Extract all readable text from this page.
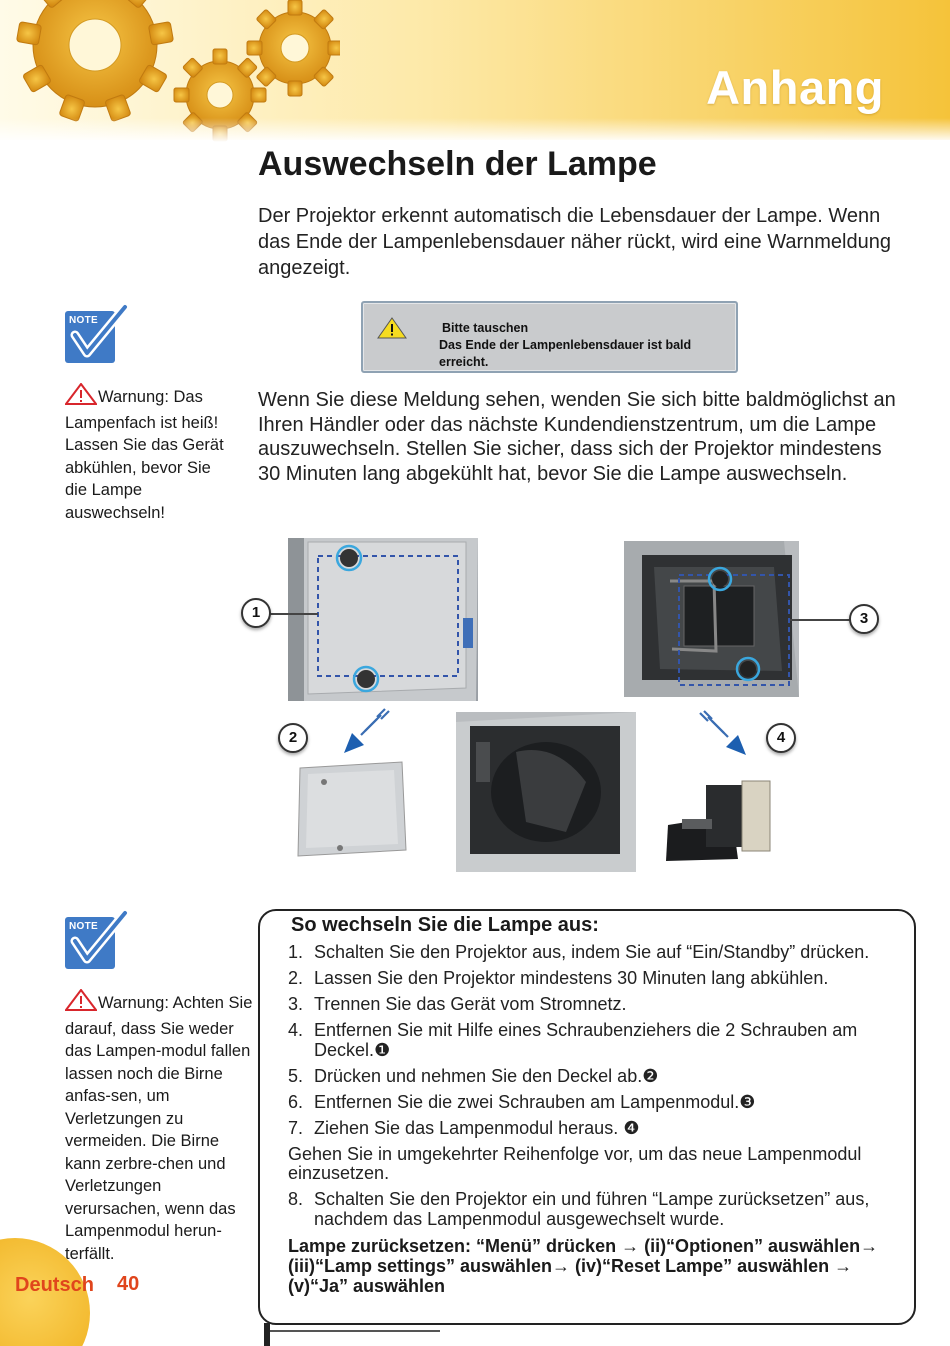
Anhang
Auswechseln der Lampe
Der Projektor erkennt automatisch die Lebensdauer der Lampe. Wenn das Ende der Lampenlebensdauer näher rückt, wird eine Warnmeldung angezeigt.
NOTE
Warnung: Das Lampenfach ist heiß! Lassen Sie das Gerät abkühlen, bevor Sie die Lampe auswechseln!
Bitte tauschen
Das Ende der Lampenlebensdauer ist bald erreicht.
Wenn Sie diese Meldung sehen, wenden Sie sich bitte baldmöglichst an Ihren Händler oder das nächste Kundendienstzentrum, um die Lampe auszuwechseln. Stellen Sie sicher, dass sich der Projektor mindestens 30 Minuten lang abgekühlt hat, bevor Sie die Lampe auswechseln.
1	3
2	4
NOTE
Warnung: Achten Sie darauf, dass Sie weder das Lampen-modul fallen lassen noch die Birne anfas-sen, um Verletzungen zu vermeiden. Die Birne kann zerbre-chen und Verletzungen verursachen, wenn das Lampenmodul herun-terfällt.
So wechseln Sie die Lampe aus:
1. Schalten Sie den Projektor aus, indem Sie auf “Ein/Standby” drücken.
2. Lassen Sie den Projektor mindestens 30 Minuten lang abkühlen.
3. Trennen Sie das Gerät vom Stromnetz.
4. Entfernen Sie mit Hilfe eines Schraubenziehers die 2 Schrauben am Deckel.❶
5. Drücken und nehmen Sie den Deckel ab.❷
6. Entfernen Sie die zwei Schrauben am Lampenmodul.❸
7. Ziehen Sie das Lampenmodul heraus. ❹
Gehen Sie in umgekehrter Reihenfolge vor, um das neue Lampenmodul einzusetzen.
8. Schalten Sie den Projektor ein und führen “Lampe zurücksetzen” aus, nachdem das Lampenmodul ausgewechselt wurde.
Lampe zurücksetzen: “Menü” drücken → (ii)“Optionen” auswählen→ (iii)“Lamp settings” auswählen→ (iv)“Reset Lampe” auswählen → (v)“Ja” auswählen
Deutsch 40
